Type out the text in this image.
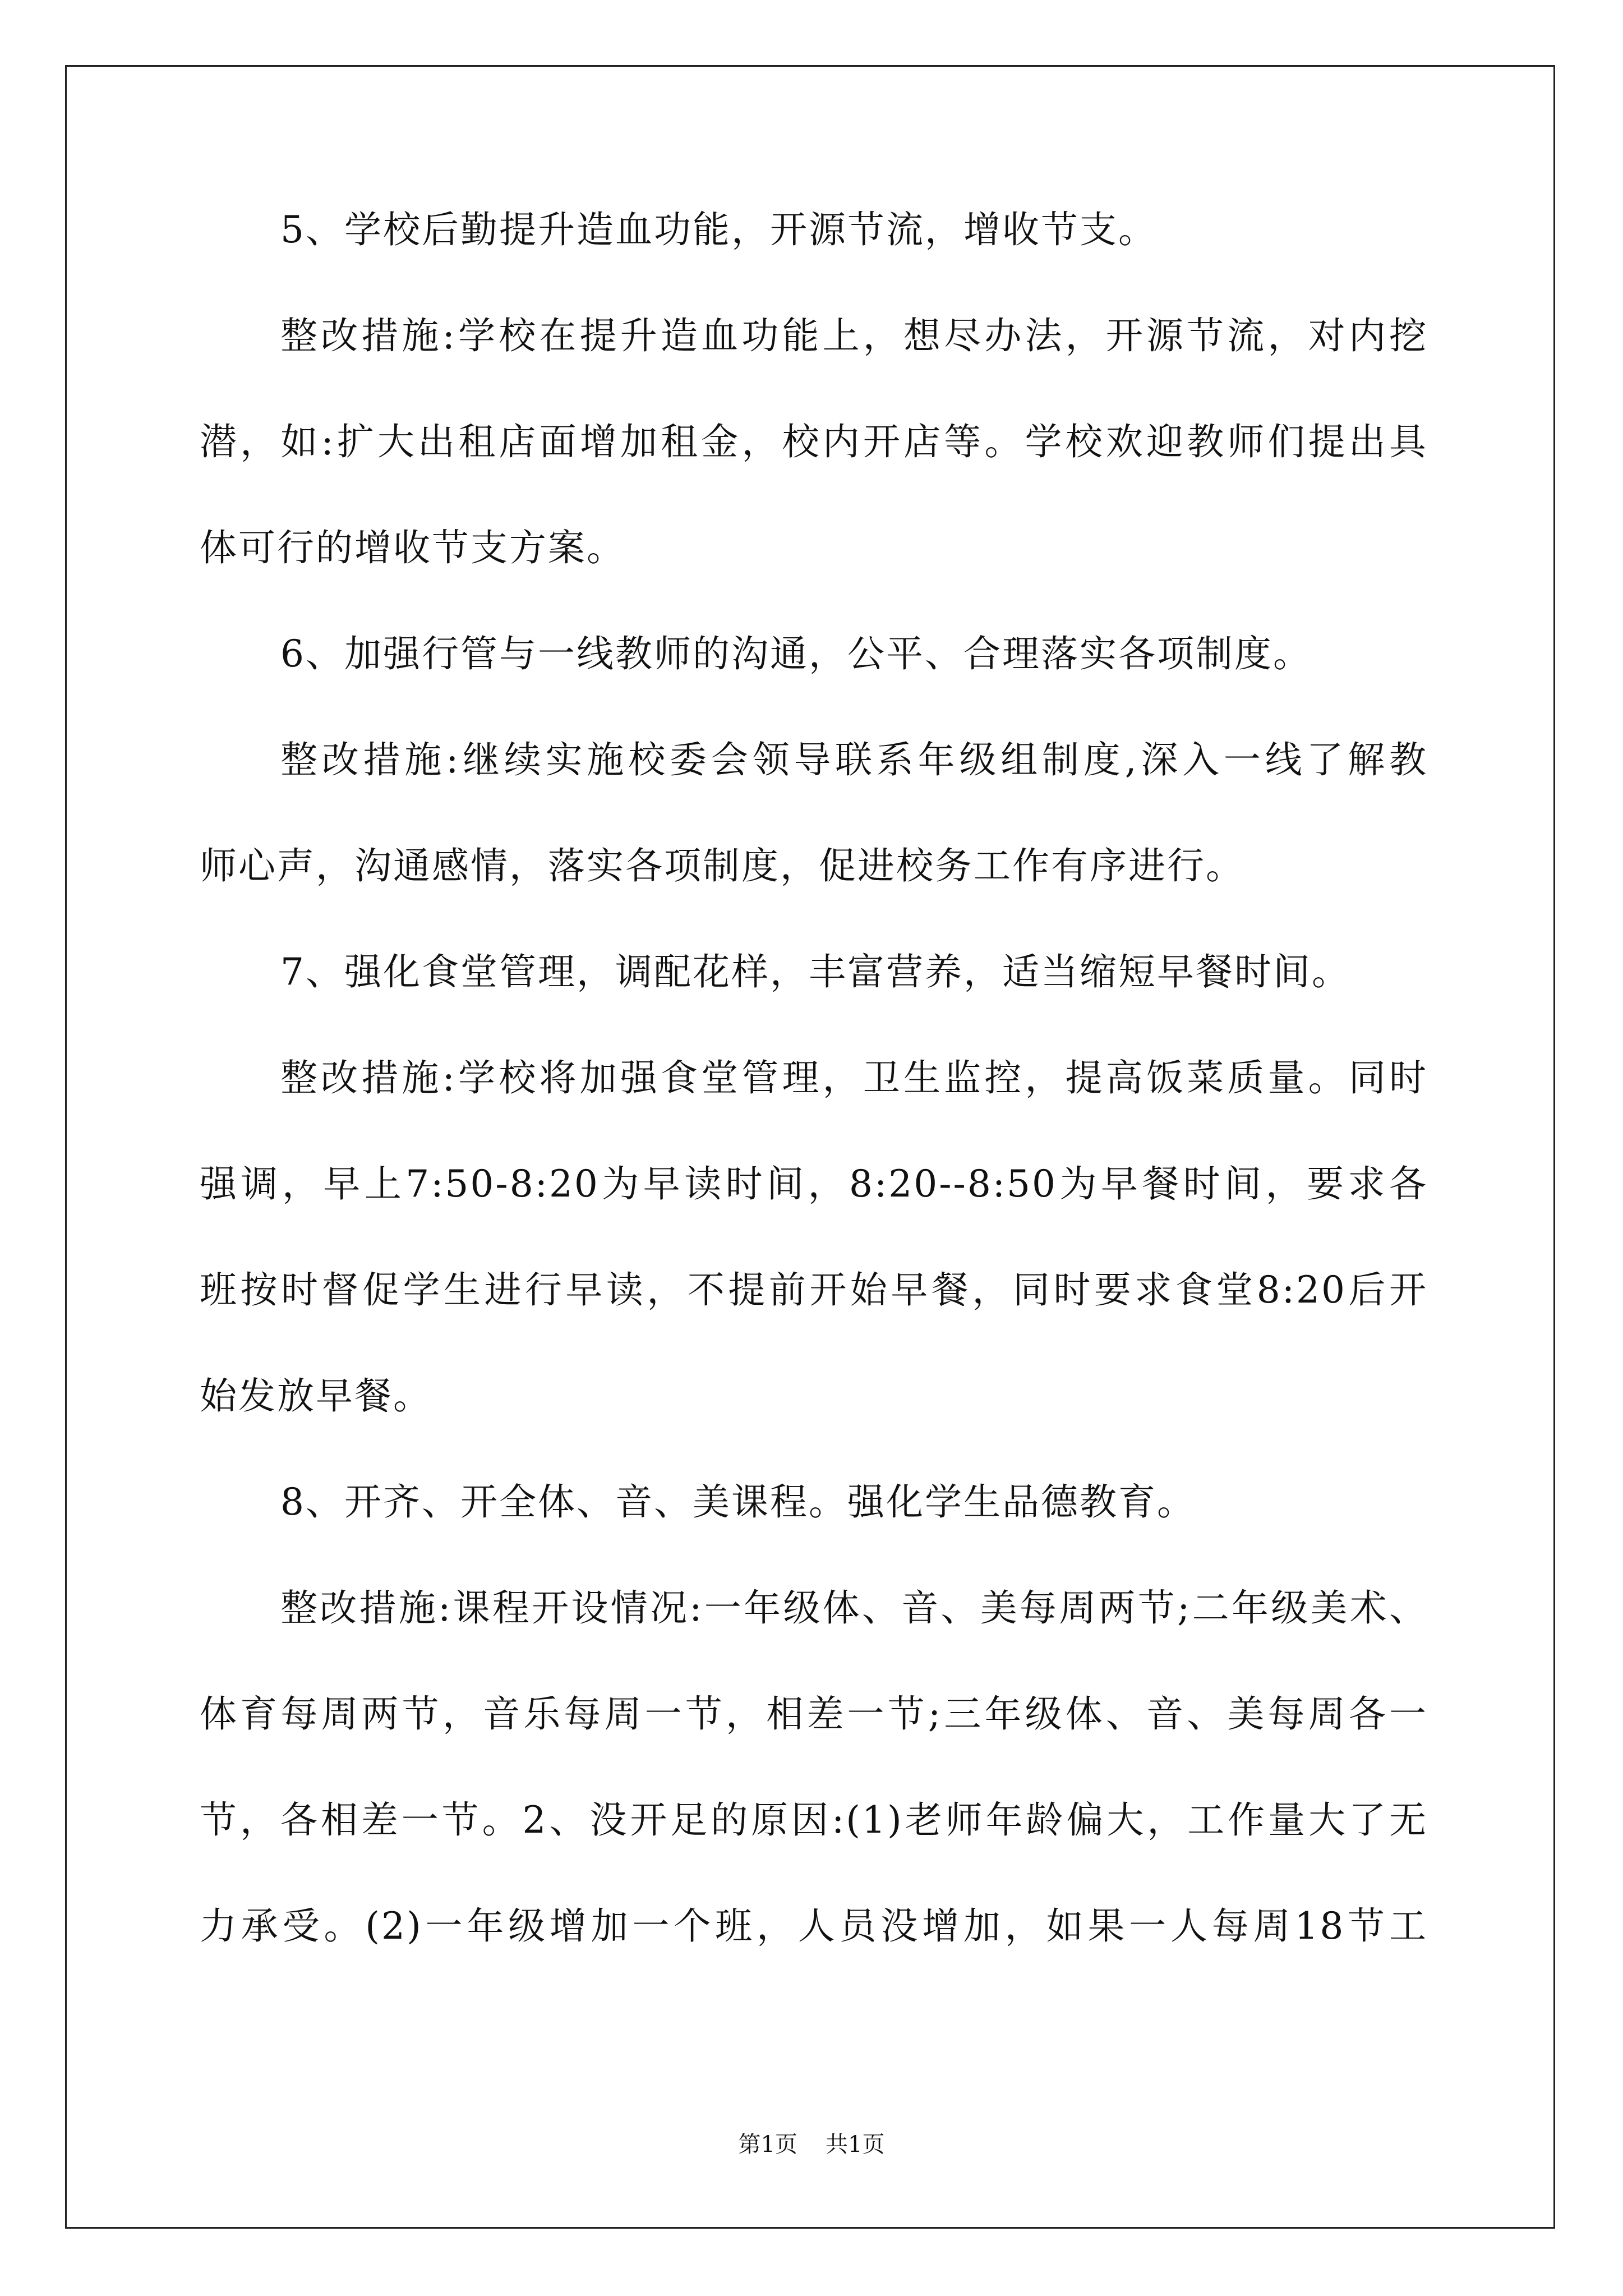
5、学校后勤提升造血功能，开源节流，增收节支。
整改措施:学校在提升造血功能上，想尽办法，开源节流，对内挖
潜，如:扩大出租店面增加租金，校内开店等。学校欢迎教师们提出具
体可行的增收节支方案。
6、加强行管与一线教师的沟通，公平、合理落实各项制度。
整改措施:继续实施校委会领导联系年级组制度,深入一线了解教
师心声，沟通感情，落实各项制度，促进校务工作有序进行。
7、强化食堂管理，调配花样，丰富营养，适当缩短早餐时间。
整改措施:学校将加强食堂管理，卫生监控，提高饭菜质量。同时
强调，早上7:50-8:20为早读时间，8:20--8:50为早餐时间，要求各
班按时督促学生进行早读，不提前开始早餐，同时要求食堂8:20后开
始发放早餐。
8、开齐、开全体、音、美课程。强化学生品德教育。
整改措施:课程开设情况:一年级体、音、美每周两节;二年级美术、
体育每周两节，音乐每周一节，相差一节;三年级体、音、美每周各一
节，各相差一节。2、没开足的原因:(1)老师年龄偏大，工作量大了无
力承受。(2)一年级增加一个班，人员没增加，如果一人每周18节工
第1页 共1页
